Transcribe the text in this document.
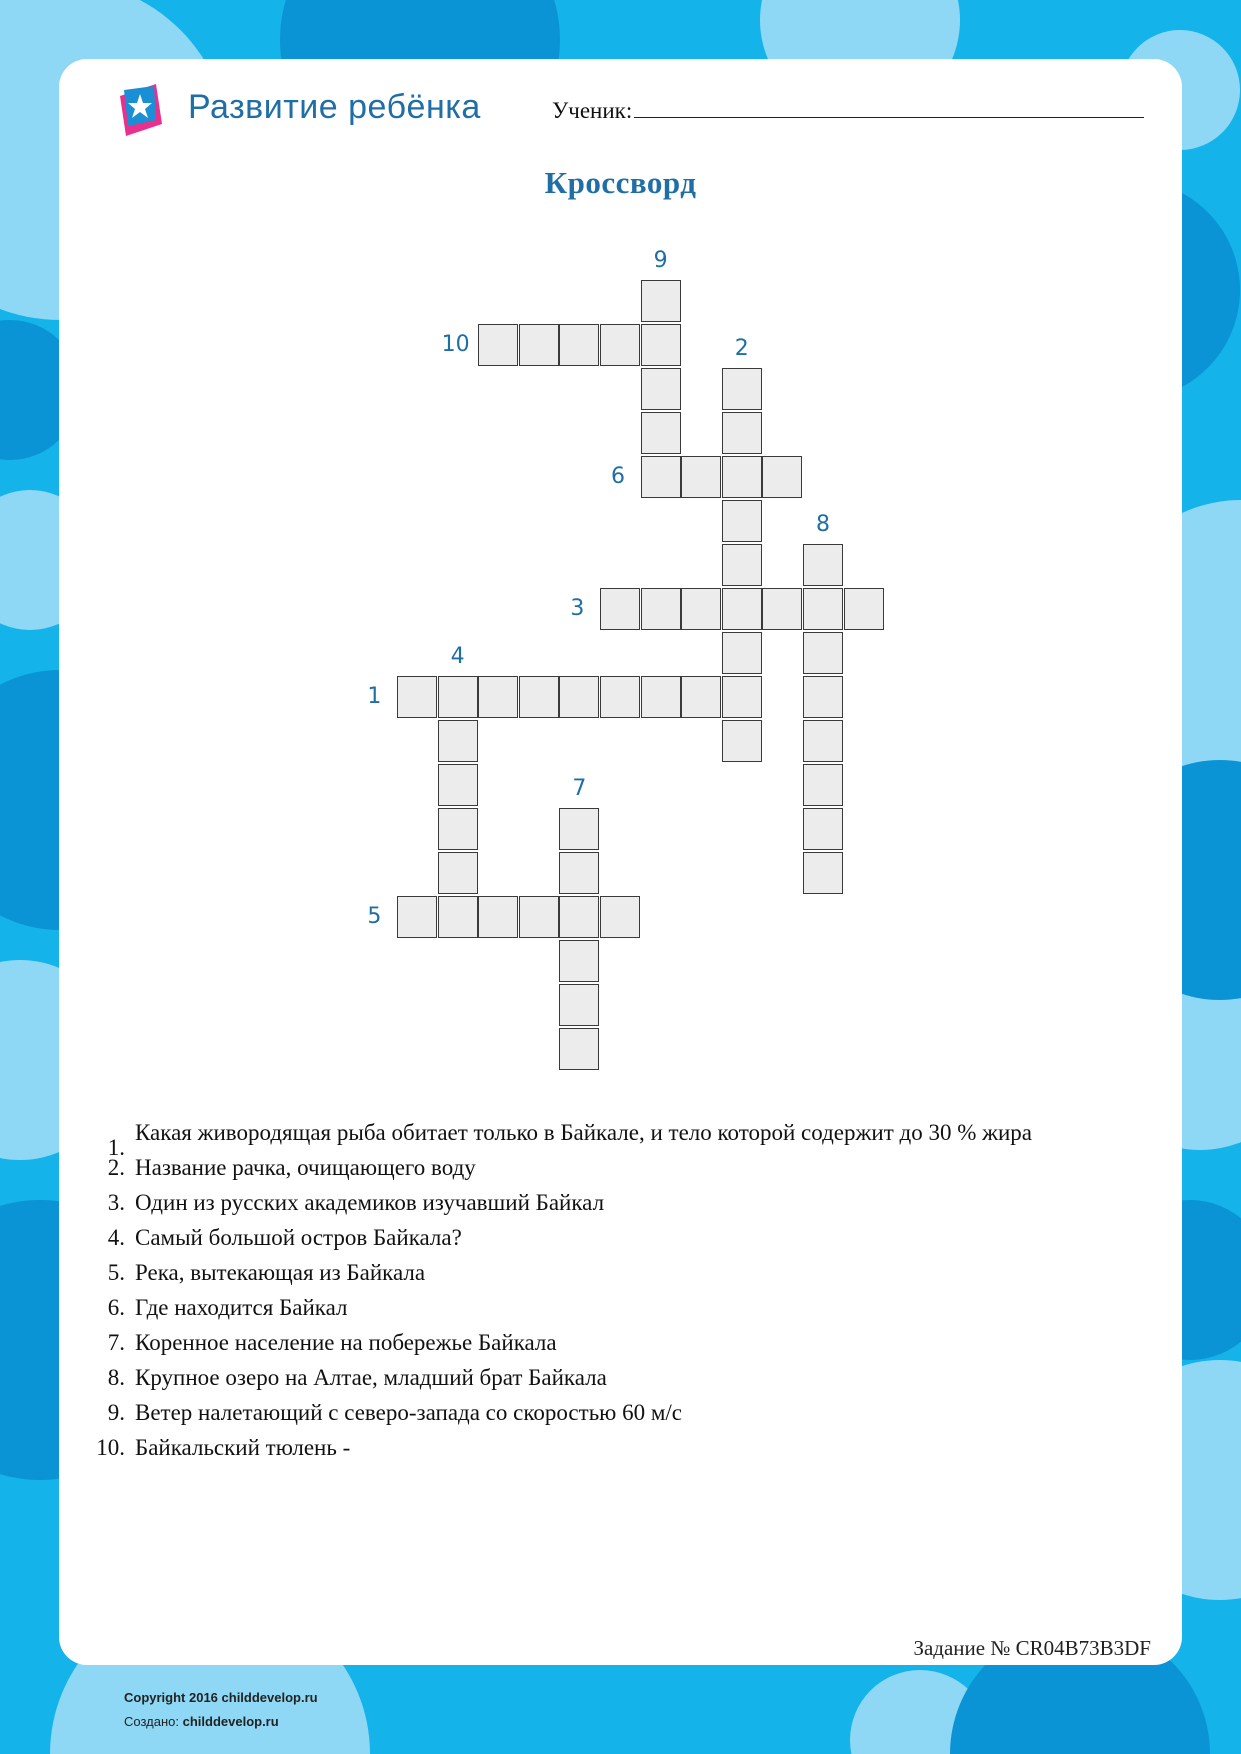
Развитие ребёнка	Ученик:
Кроссворд
1
2
3
4
5
6
7
8
9
10
1.
Какая живородящая рыба обитает только в Байкале, и тело которой содержит до 30 % жира
2. Название рачка, очищающего воду
3. Один из русских академиков изучавший Байкал
4. Самый большой остров Байкала?
5. Река, вытекающая из Байкала
6. Где находится Байкал
7. Коренное население на побережье Байкала
8. Крупное озеро на Алтае, младший брат Байкала
9. Ветер налетающий с северо-запада со скоростью 60 м/с
10. Байкальский тюлень -
Задание № CR04B73B3DF
Copyright 2016 childdevelop.ru
Создано: childdevelop.ru
